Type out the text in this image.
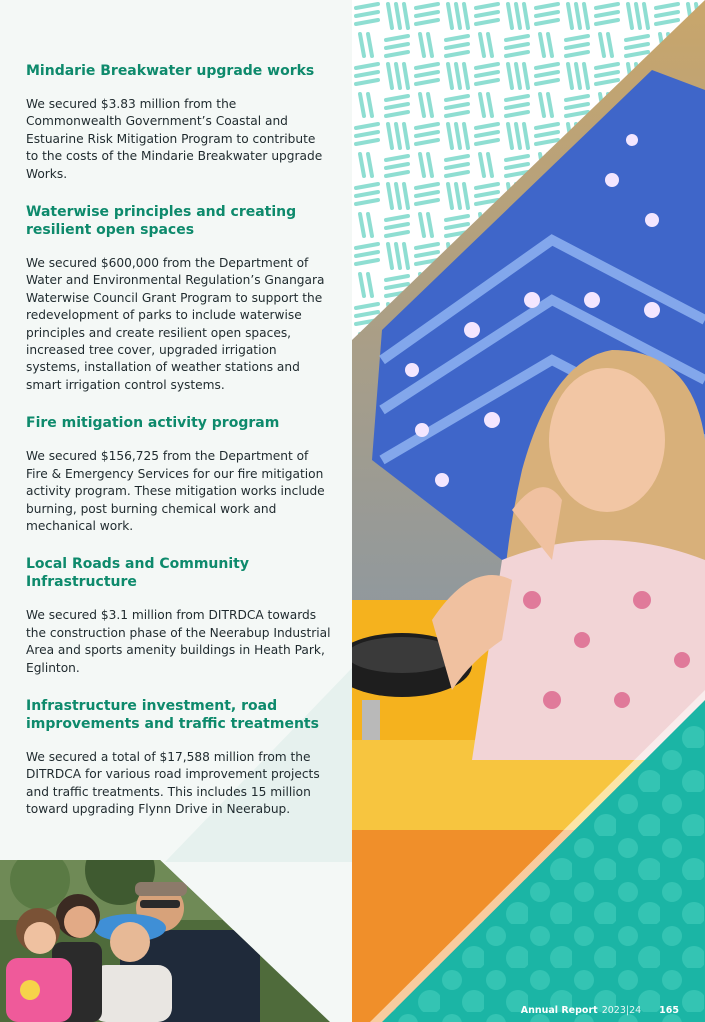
Mindarie Breakwater upgrade works

We secured $3.83 million from the Commonwealth Government’s Coastal and Estuarine Risk Mitigation Program to contribute to the costs of the Mindarie Breakwater upgrade Works.

Waterwise principles and creating resilient open spaces

We secured $600,000 from the Department of Water and Environmental Regulation’s Gnangara Waterwise Council Grant Program to support the redevelopment of parks to include waterwise principles and create resilient open spaces, increased tree cover, upgraded irrigation systems, installation of weather stations and smart irrigation control systems.

Fire mitigation activity program

We secured $156,725 from the Department of Fire & Emergency Services for our fire mitigation activity program. These mitigation works include burning, post burning chemical work and mechanical work.

Local Roads and Community Infrastructure

We secured $3.1 million from DITRDCA towards the construction phase of the Neerabup Industrial Area and sports amenity buildings in Heath Park, Eglinton.

Infrastructure investment, road improvements and traffic treatments

We secured a total of $17,588 million from the DITRDCA for various road improvement projects and traffic treatments. This includes 15 million toward upgrading Flynn Drive in Neerabup.

Annual Report 2023|24 165
